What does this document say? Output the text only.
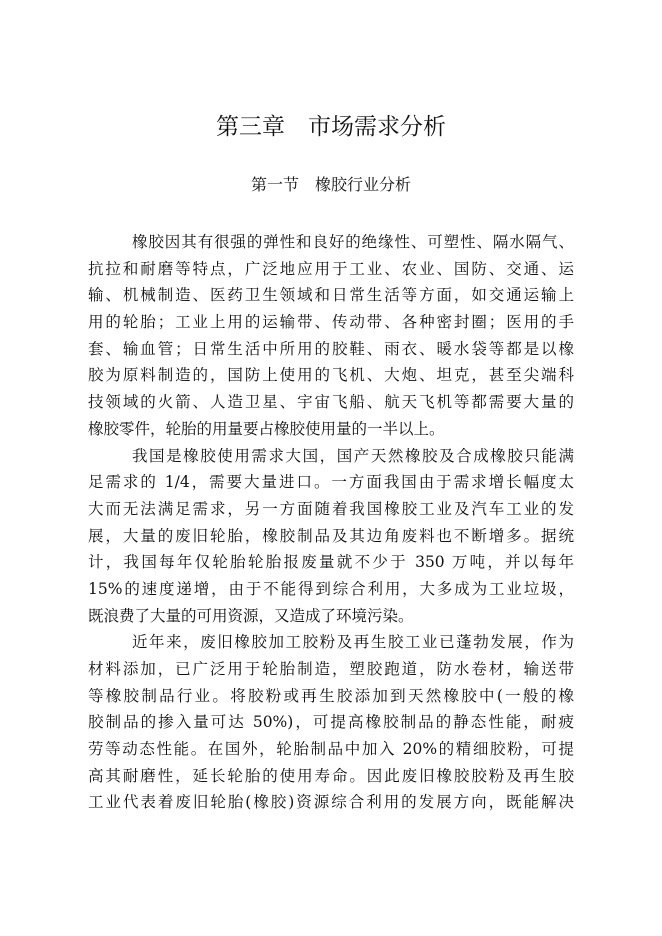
第三章　市场需求分析
第一节　橡胶行业分析
橡胶因其有很强的弹性和良好的绝缘性、可塑性、隔水隔气、
抗拉和耐磨等特点，广泛地应用于工业、农业、国防、交通、运
输、机械制造、医药卫生领域和日常生活等方面，如交通运输上
用的轮胎；工业上用的运输带、传动带、各种密封圈；医用的手
套、输血管；日常生活中所用的胶鞋、雨衣、暖水袋等都是以橡
胶为原料制造的，国防上使用的飞机、大炮、坦克，甚至尖端科
技领域的火箭、人造卫星、宇宙飞船、航天飞机等都需要大量的
橡胶零件，轮胎的用量要占橡胶使用量的一半以上。
我国是橡胶使用需求大国，国产天然橡胶及合成橡胶只能满
足需求的 1/4，需要大量进口。一方面我国由于需求增长幅度太
大而无法满足需求，另一方面随着我国橡胶工业及汽车工业的发
展，大量的废旧轮胎，橡胶制品及其边角废料也不断增多。据统
计，我国每年仅轮胎轮胎报废量就不少于 350 万吨，并以每年
15%的速度递增，由于不能得到综合利用，大多成为工业垃圾，
既浪费了大量的可用资源，又造成了环境污染。
近年来，废旧橡胶加工胶粉及再生胶工业已蓬勃发展，作为
材料添加，已广泛用于轮胎制造，塑胶跑道，防水卷材，输送带
等橡胶制品行业。将胶粉或再生胶添加到天然橡胶中(一般的橡
胶制品的掺入量可达 50%)，可提高橡胶制品的静态性能，耐疲
劳等动态性能。在国外，轮胎制品中加入 20%的精细胶粉，可提
高其耐磨性，延长轮胎的使用寿命。因此废旧橡胶胶粉及再生胶
工业代表着废旧轮胎(橡胶)资源综合利用的发展方向，既能解决
